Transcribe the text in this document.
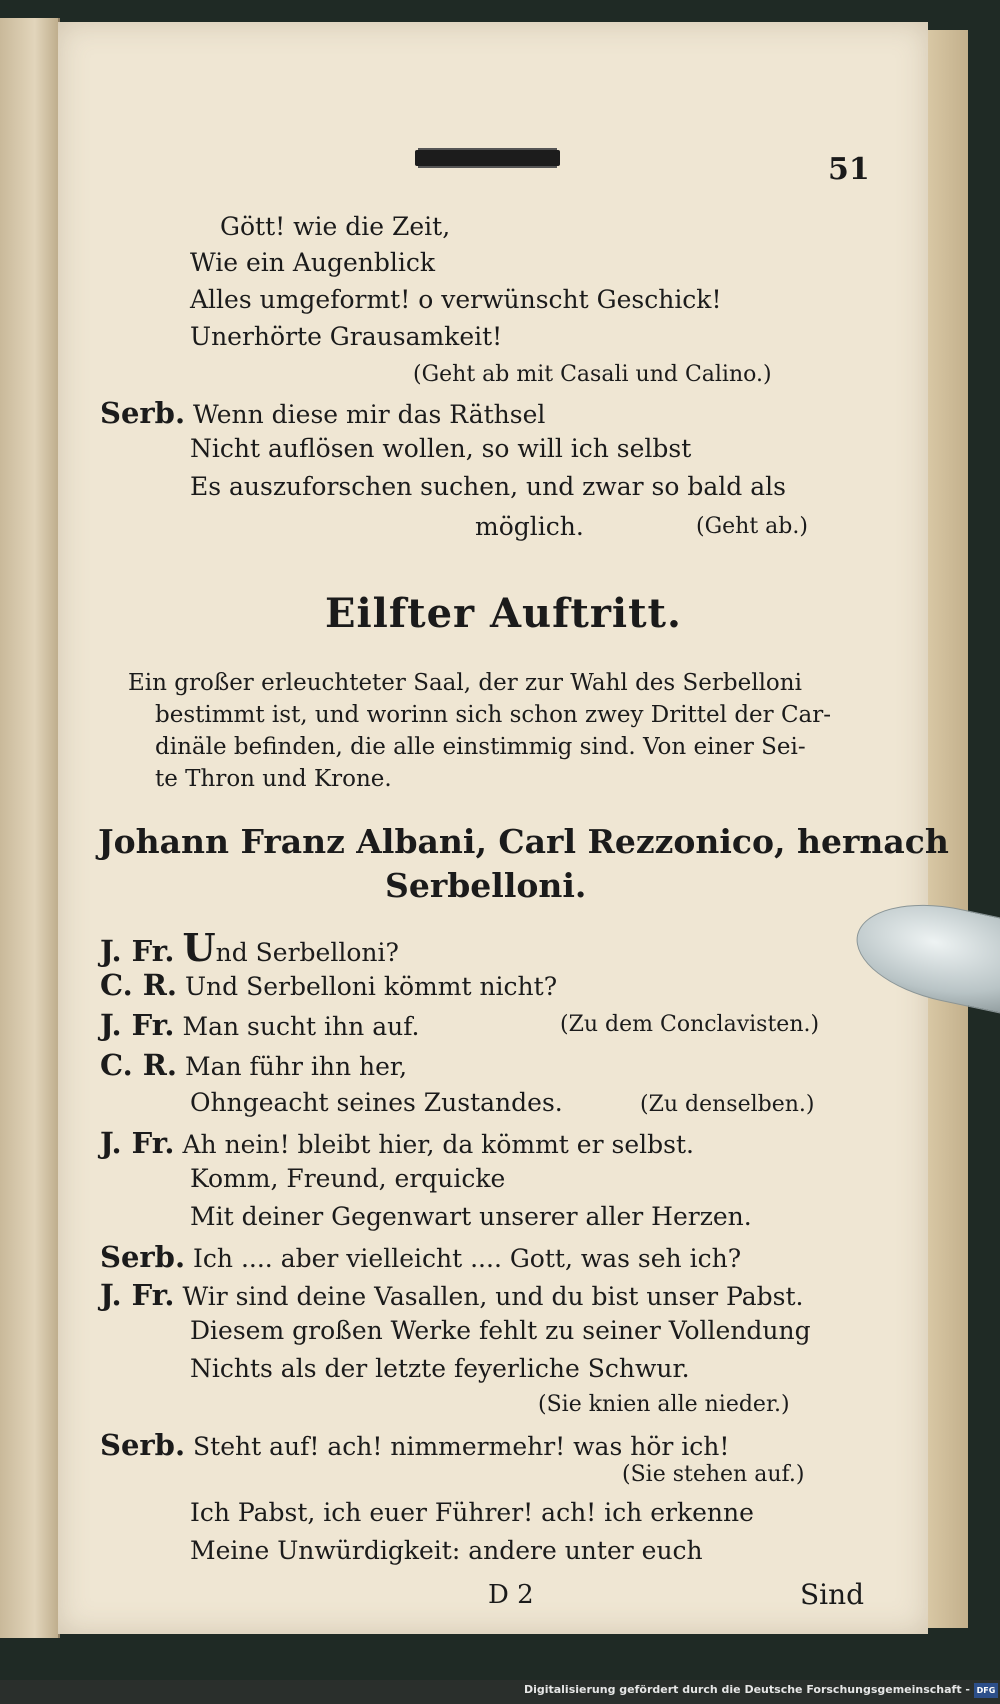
51
Gött! wie die Zeit,
Wie ein Augenblick
Alles umgeformt! o verwünscht Geschick!
Unerhörte Grausamkeit!
(Geht ab mit Casali und Calino.)
Serb. Wenn diese mir das Räthsel
Nicht auflösen wollen, so will ich selbst
Es auszuforschen suchen, und zwar so bald als
möglich.	(Geht ab.)
Eilfter Auftritt.
Ein großer erleuchteter Saal, der zur Wahl des Serbelloni
bestimmt ist, und worinn sich schon zwey Drittel der Car-
dinäle befinden, die alle einstimmig sind. Von einer Sei-
te Thron und Krone.
Johann Franz Albani, Carl Rezzonico, hernach
Serbelloni.
J. Fr. Und Serbelloni?
C. R. Und Serbelloni kömmt nicht?
J. Fr. Man sucht ihn auf.	(Zu dem Conclavisten.)
C. R. Man führ ihn her,
Ohngeacht seines Zustandes.	(Zu denselben.)
J. Fr. Ah nein! bleibt hier, da kömmt er selbst.
Komm, Freund, erquicke
Mit deiner Gegenwart unserer aller Herzen.
Serb. Ich .... aber vielleicht .... Gott, was seh ich?
J. Fr. Wir sind deine Vasallen, und du bist unser Pabst.
Diesem großen Werke fehlt zu seiner Vollendung
Nichts als der letzte feyerliche Schwur.
(Sie knien alle nieder.)
Serb. Steht auf! ach! nimmermehr! was hör ich!
(Sie stehen auf.)
Ich Pabst, ich euer Führer! ach! ich erkenne
Meine Unwürdigkeit: andere unter euch
D 2	Sind
Digitalisierung gefördert durch die Deutsche Forschungsgemeinschaft - DFG
